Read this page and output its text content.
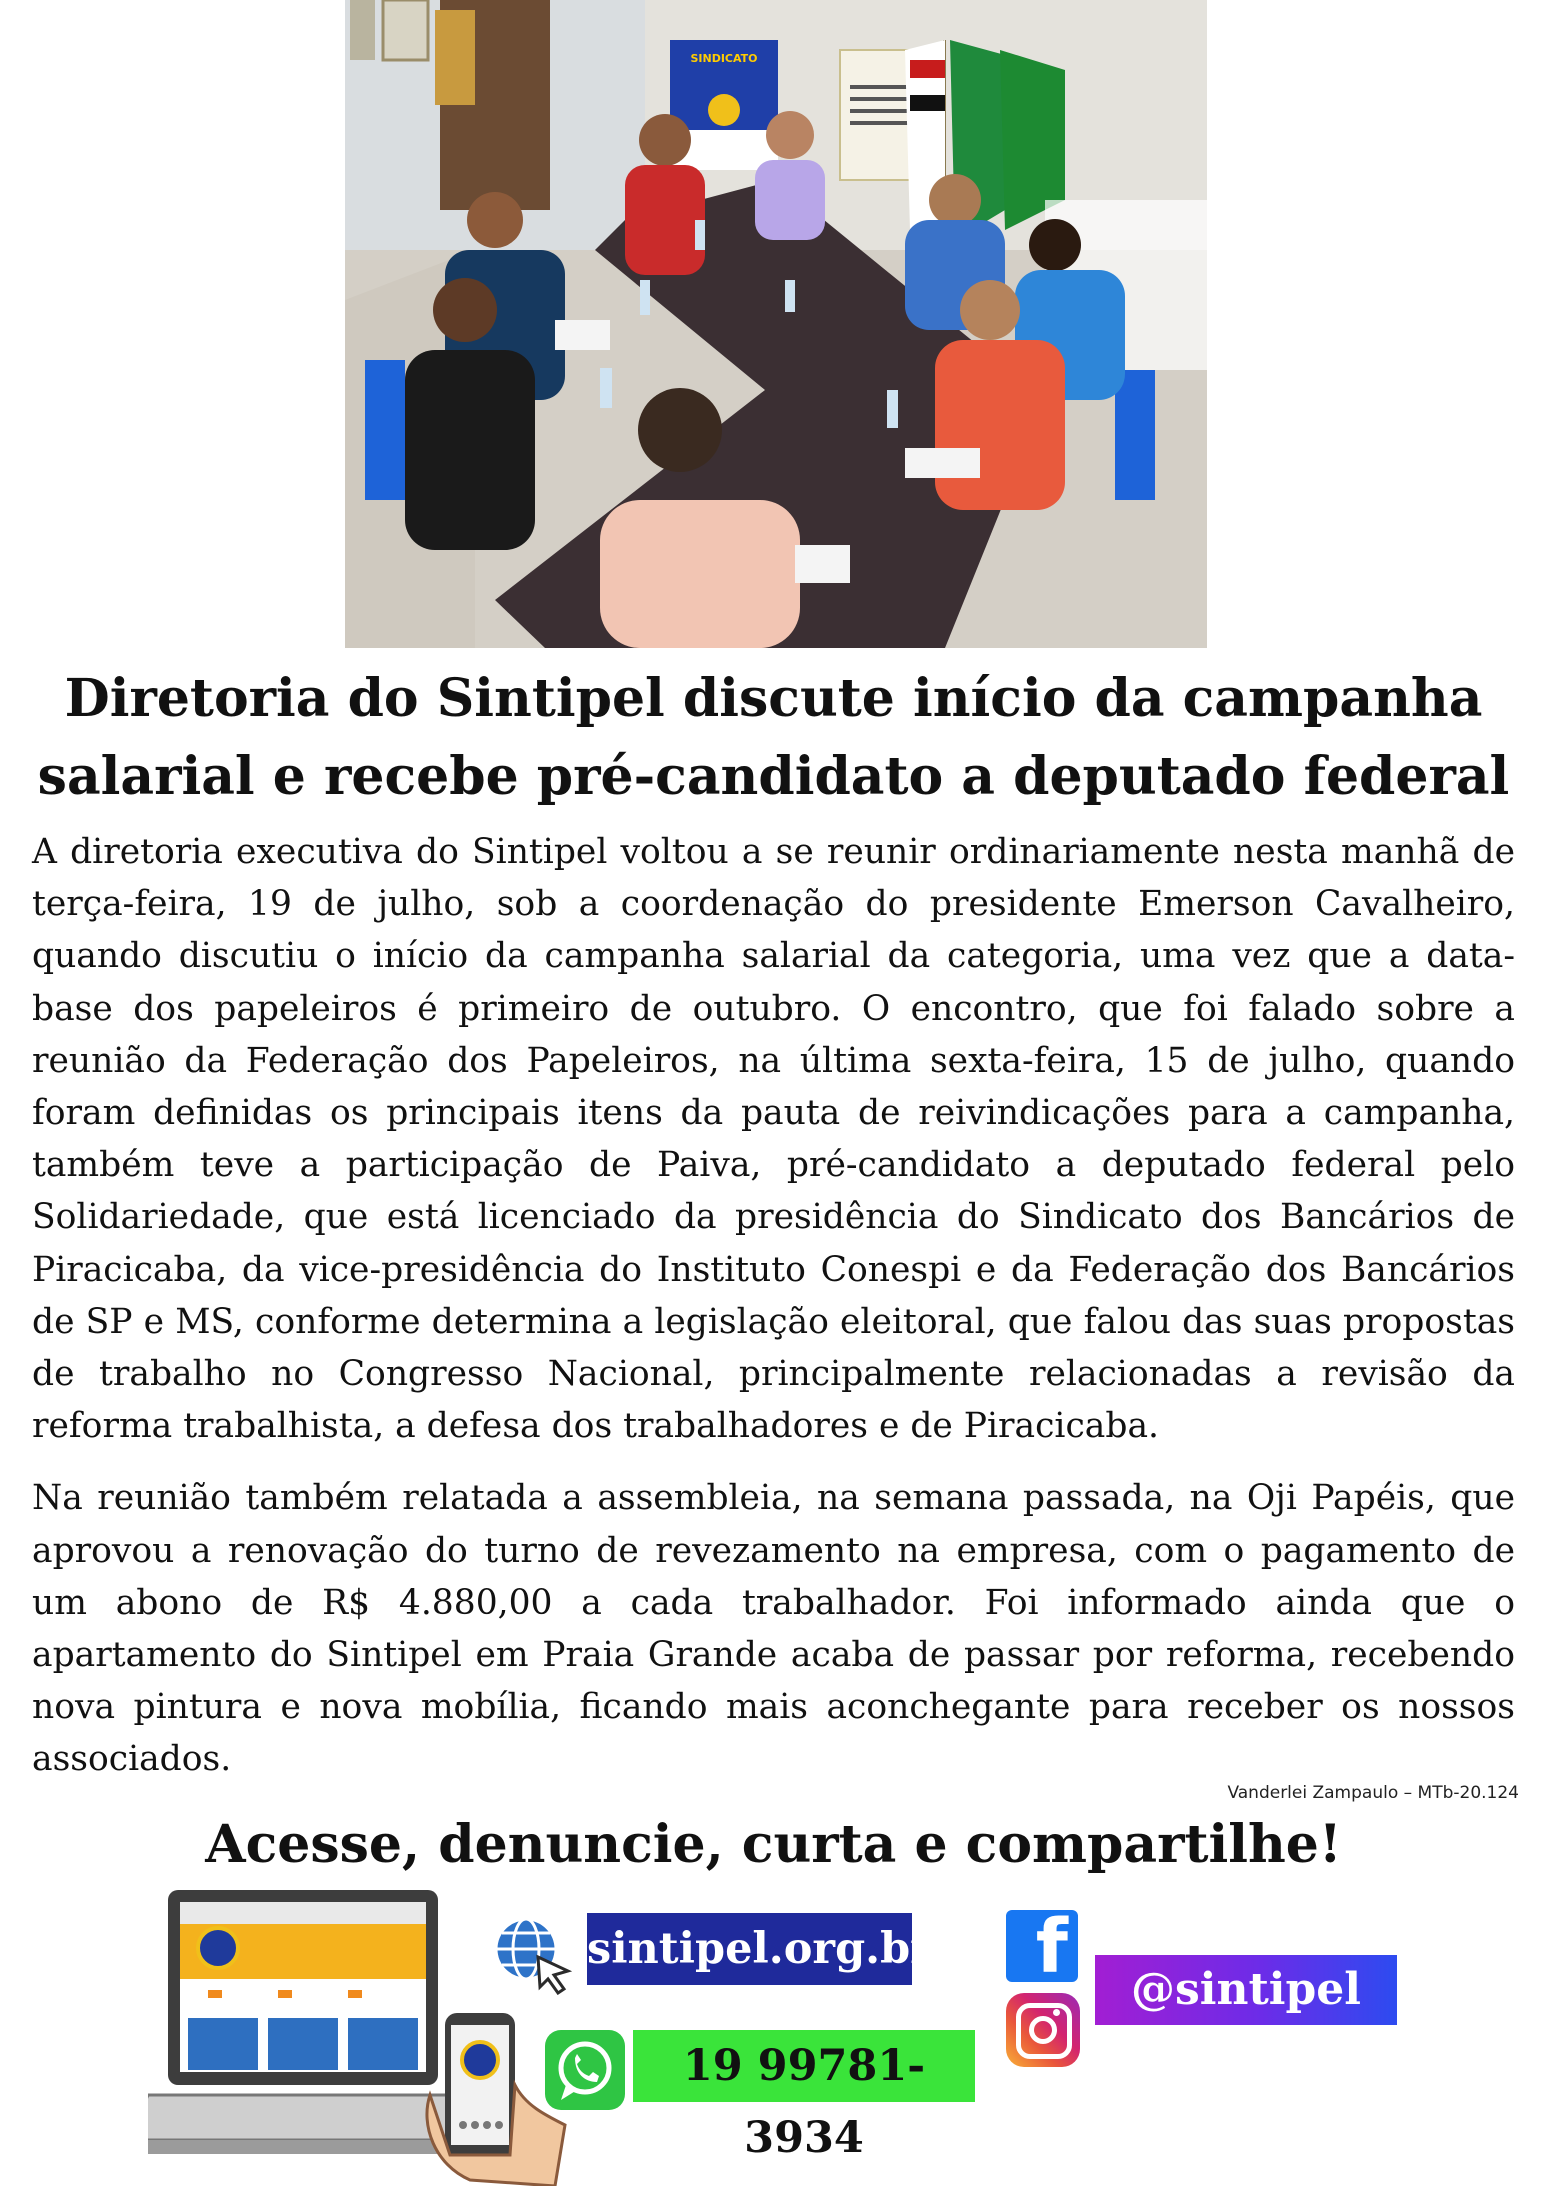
SINDICATO
Diretoria do Sintipel discute início da campanha salarial e recebe pré-candidato a deputado federal

A diretoria executiva do Sintipel voltou a se reunir ordinariamente nesta manhã de terça-feira, 19 de julho, sob a coordenação do presidente Emerson Cavalheiro, quando discutiu o início da campanha salarial da categoria, uma vez que a data-base dos papeleiros é primeiro de outubro. O encontro, que foi falado sobre a reunião da Federação dos Papeleiros, na última sexta-feira, 15 de julho, quando foram definidas os principais itens da pauta de reivindicações para a campanha, também teve a participação de Paiva, pré-candidato a deputado federal pelo Solidariedade, que está licenciado da presidência do Sindicato dos Bancários de Piracicaba, da vice-presidência do Instituto Conespi e da Federação dos Bancários de SP e MS, conforme determina a legislação eleitoral, que falou das suas propostas de trabalho no Congresso Nacional, principalmente relacionadas a revisão da reforma trabalhista, a defesa dos trabalhadores e de Piracicaba.

Na reunião também relatada a assembleia, na semana passada, na Oji Papéis, que aprovou a renovação do turno de revezamento na empresa, com o pagamento de um abono de R$ 4.880,00 a cada trabalhador. Foi informado ainda que o apartamento do Sintipel em Praia Grande acaba de passar por reforma, recebendo nova pintura e nova mobília, ficando mais aconchegante para receber os nossos associados.

Vanderlei Zampaulo – MTb-20.124
Acesse, denuncie, curta e compartilhe!
sintipel.org.br
19 99781-3934
f	@sintipel
